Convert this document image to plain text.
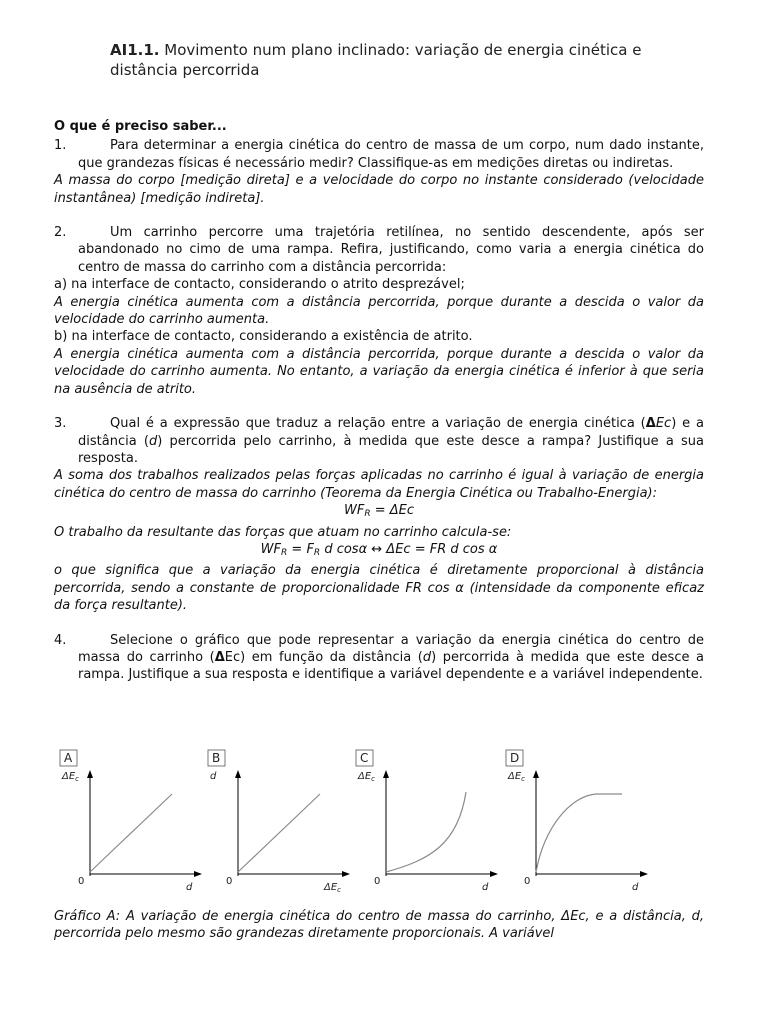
AI1.1. Movimento num plano inclinado: variação de energia cinética e distância percorrida

O que é preciso saber...

1.	Para determinar a energia cinética do centro de massa de um corpo, num dado instante, que grandezas físicas é necessário medir? Classifique-as em medições diretas ou indiretas.

A massa do corpo [medição direta] e a velocidade do corpo no instante considerado (velocidade instantânea) [medição indireta].

2.	Um carrinho percorre uma trajetória retilínea, no sentido descendente, após ser abandonado no cimo de uma rampa. Refira, justificando, como varia a energia cinética do centro de massa do carrinho com a distância percorrida:

a) na interface de contacto, considerando o atrito desprezável;

A energia cinética aumenta com a distância percorrida, porque durante a descida o valor da velocidade do carrinho aumenta.

b) na interface de contacto, considerando a existência de atrito.

A energia cinética aumenta com a distância percorrida, porque durante a descida o valor da velocidade do carrinho aumenta. No entanto, a variação da energia cinética é inferior à que seria na ausência de atrito.

3.	Qual é a expressão que traduz a relação entre a variação de energia cinética (ΔEc) e a distância (d) percorrida pelo carrinho, à medida que este desce a rampa? Justifique a sua resposta.

A soma dos trabalhos realizados pelas forças aplicadas no carrinho é igual à variação de energia cinética do centro de massa do carrinho (Teorema da Energia Cinética ou Trabalho-Energia):

$WF_R = \Delta Ec$

O trabalho da resultante das forças que atuam no carrinho calcula-se:

$WF_R = F_R$ d cosα ↔ ΔEc = FR d cos α

o que significa que a variação da energia cinética é diretamente proporcional à distância percorrida, sendo a constante de proporcionalidade FR cos α (intensidade da componente eficaz da força resultante).

4.	Selecione o gráfico que pode representar a variação da energia cinética do centro de massa do carrinho (ΔEc) em função da distância (d) percorrida à medida que este desce a rampa. Justifique a sua resposta e identifique a variável dependente e a variável independente.
A
$\Delta E_c$
0
d
B
d
0
$\Delta E_c$
C
$\Delta E_c$
0
d
D
$\Delta E_c$
0
d

Gráfico A: A variação de energia cinética do centro de massa do carrinho, ΔEc, e a distância, d, percorrida pelo mesmo são grandezas diretamente proporcionais. A variável
